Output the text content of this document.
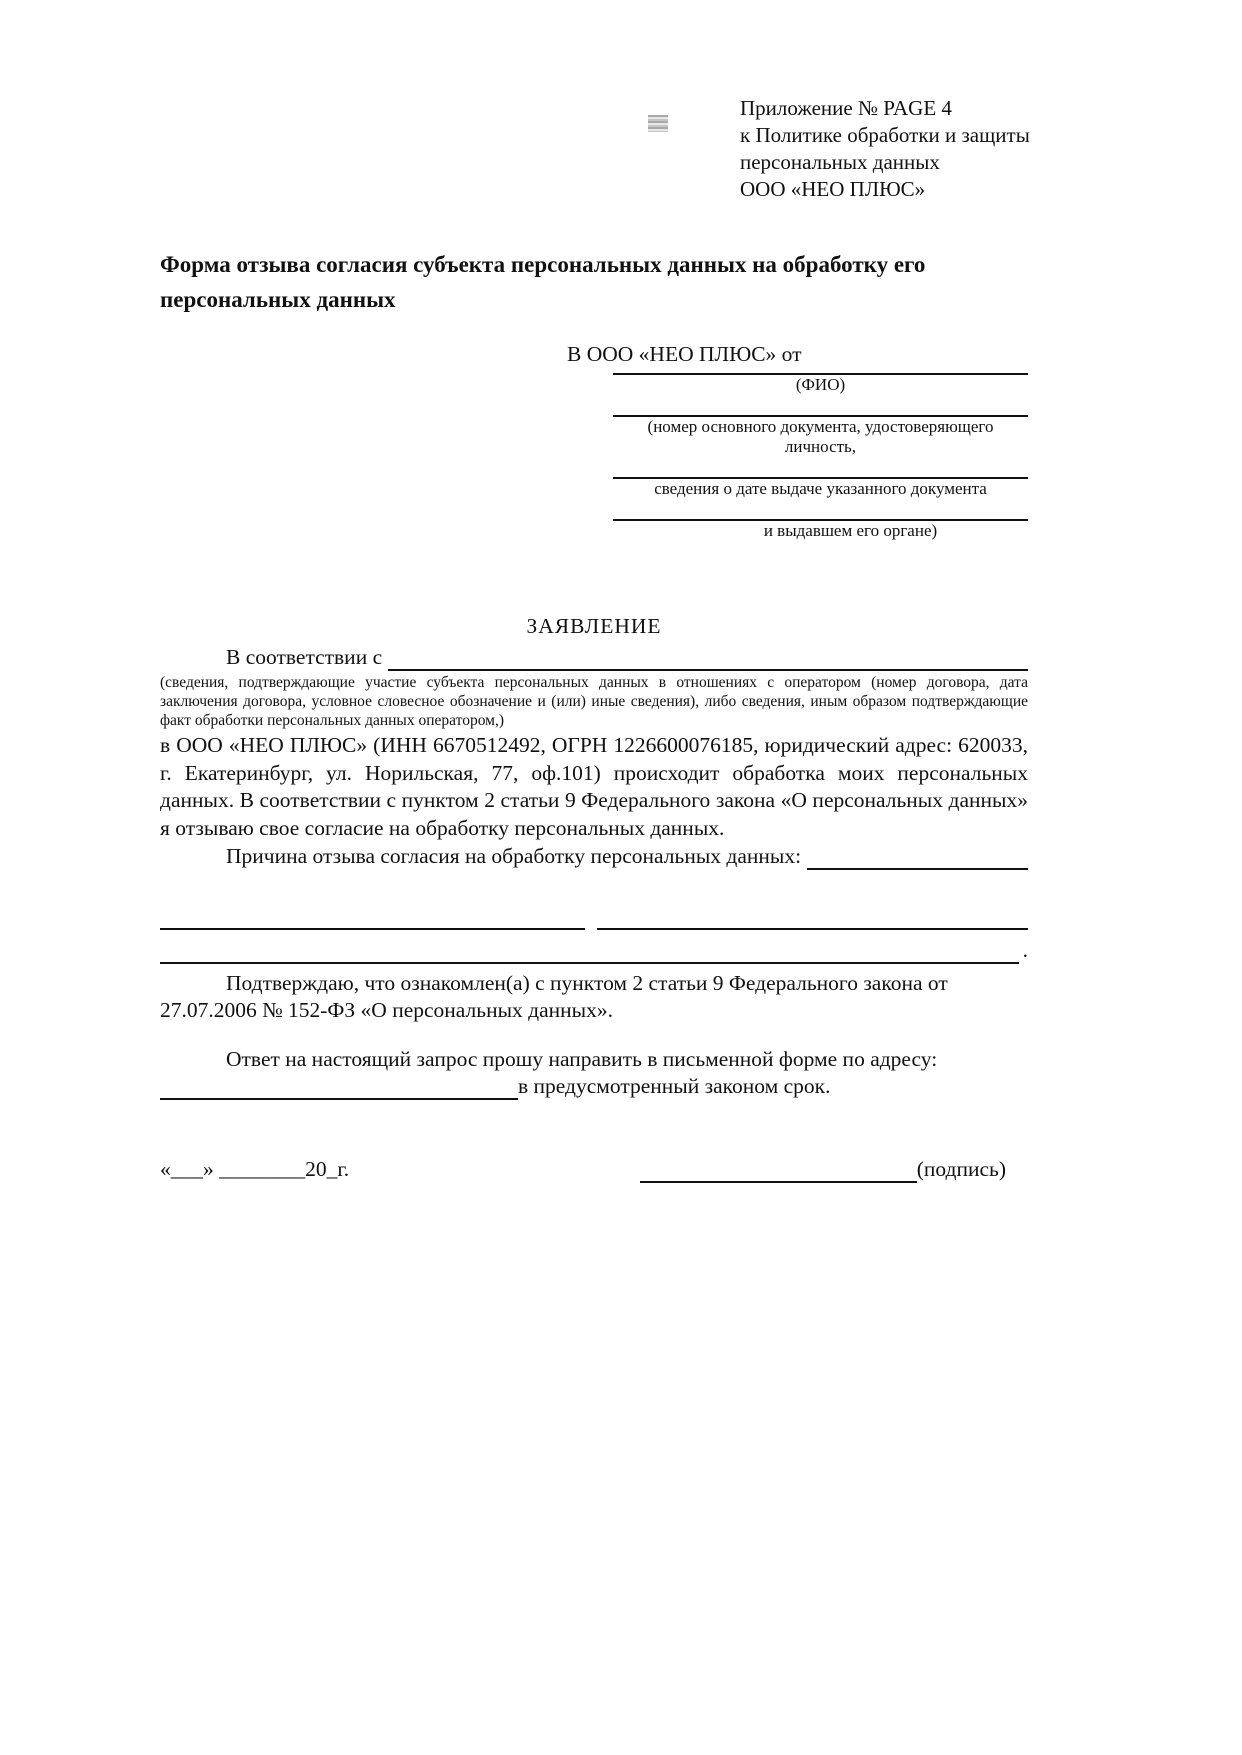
Приложение № PAGE 4
к Политике обработки и защиты
персональных данных
ООО «НЕО ПЛЮС»
Форма отзыва согласия субъекта персональных данных на обработку его персональных данных

В ООО «НЕО ПЛЮС» от

(ФИО)
(номер основного документа, удостоверяющего личность,
сведения о дате выдаче указанного документа
и выдавшем его органе)

ЗАЯВЛЕНИЕ

В соответствии с

(сведения, подтверждающие участие субъекта персональных данных в отношениях с оператором (номер договора, дата заключения договора, условное словесное обозначение и (или) иные сведения), либо сведения, иным образом подтверждающие факт обработки персональных данных оператором,)

в ООО «НЕО ПЛЮС» (ИНН 6670512492, ОГРН 1226600076185, юридический адрес: 620033, г. Екатеринбург, ул. Норильская, 77, оф.101) происходит обработка моих персональных данных. В соответствии с пунктом 2 статьи 9 Федерального закона «О персональных данных» я отзываю свое согласие на обработку персональных данных.

Причина отзыва согласия на обработку персональных данных:
.

Подтверждаю, что ознакомлен(а) с пунктом 2 статьи 9 Федерального закона от 27.07.2006 № 152-ФЗ «О персональных данных».

Ответ на настоящий запрос прошу направить в письменной форме по адресу:

в предусмотренный законом срок.
«___» ________20_г.	(подпись)
